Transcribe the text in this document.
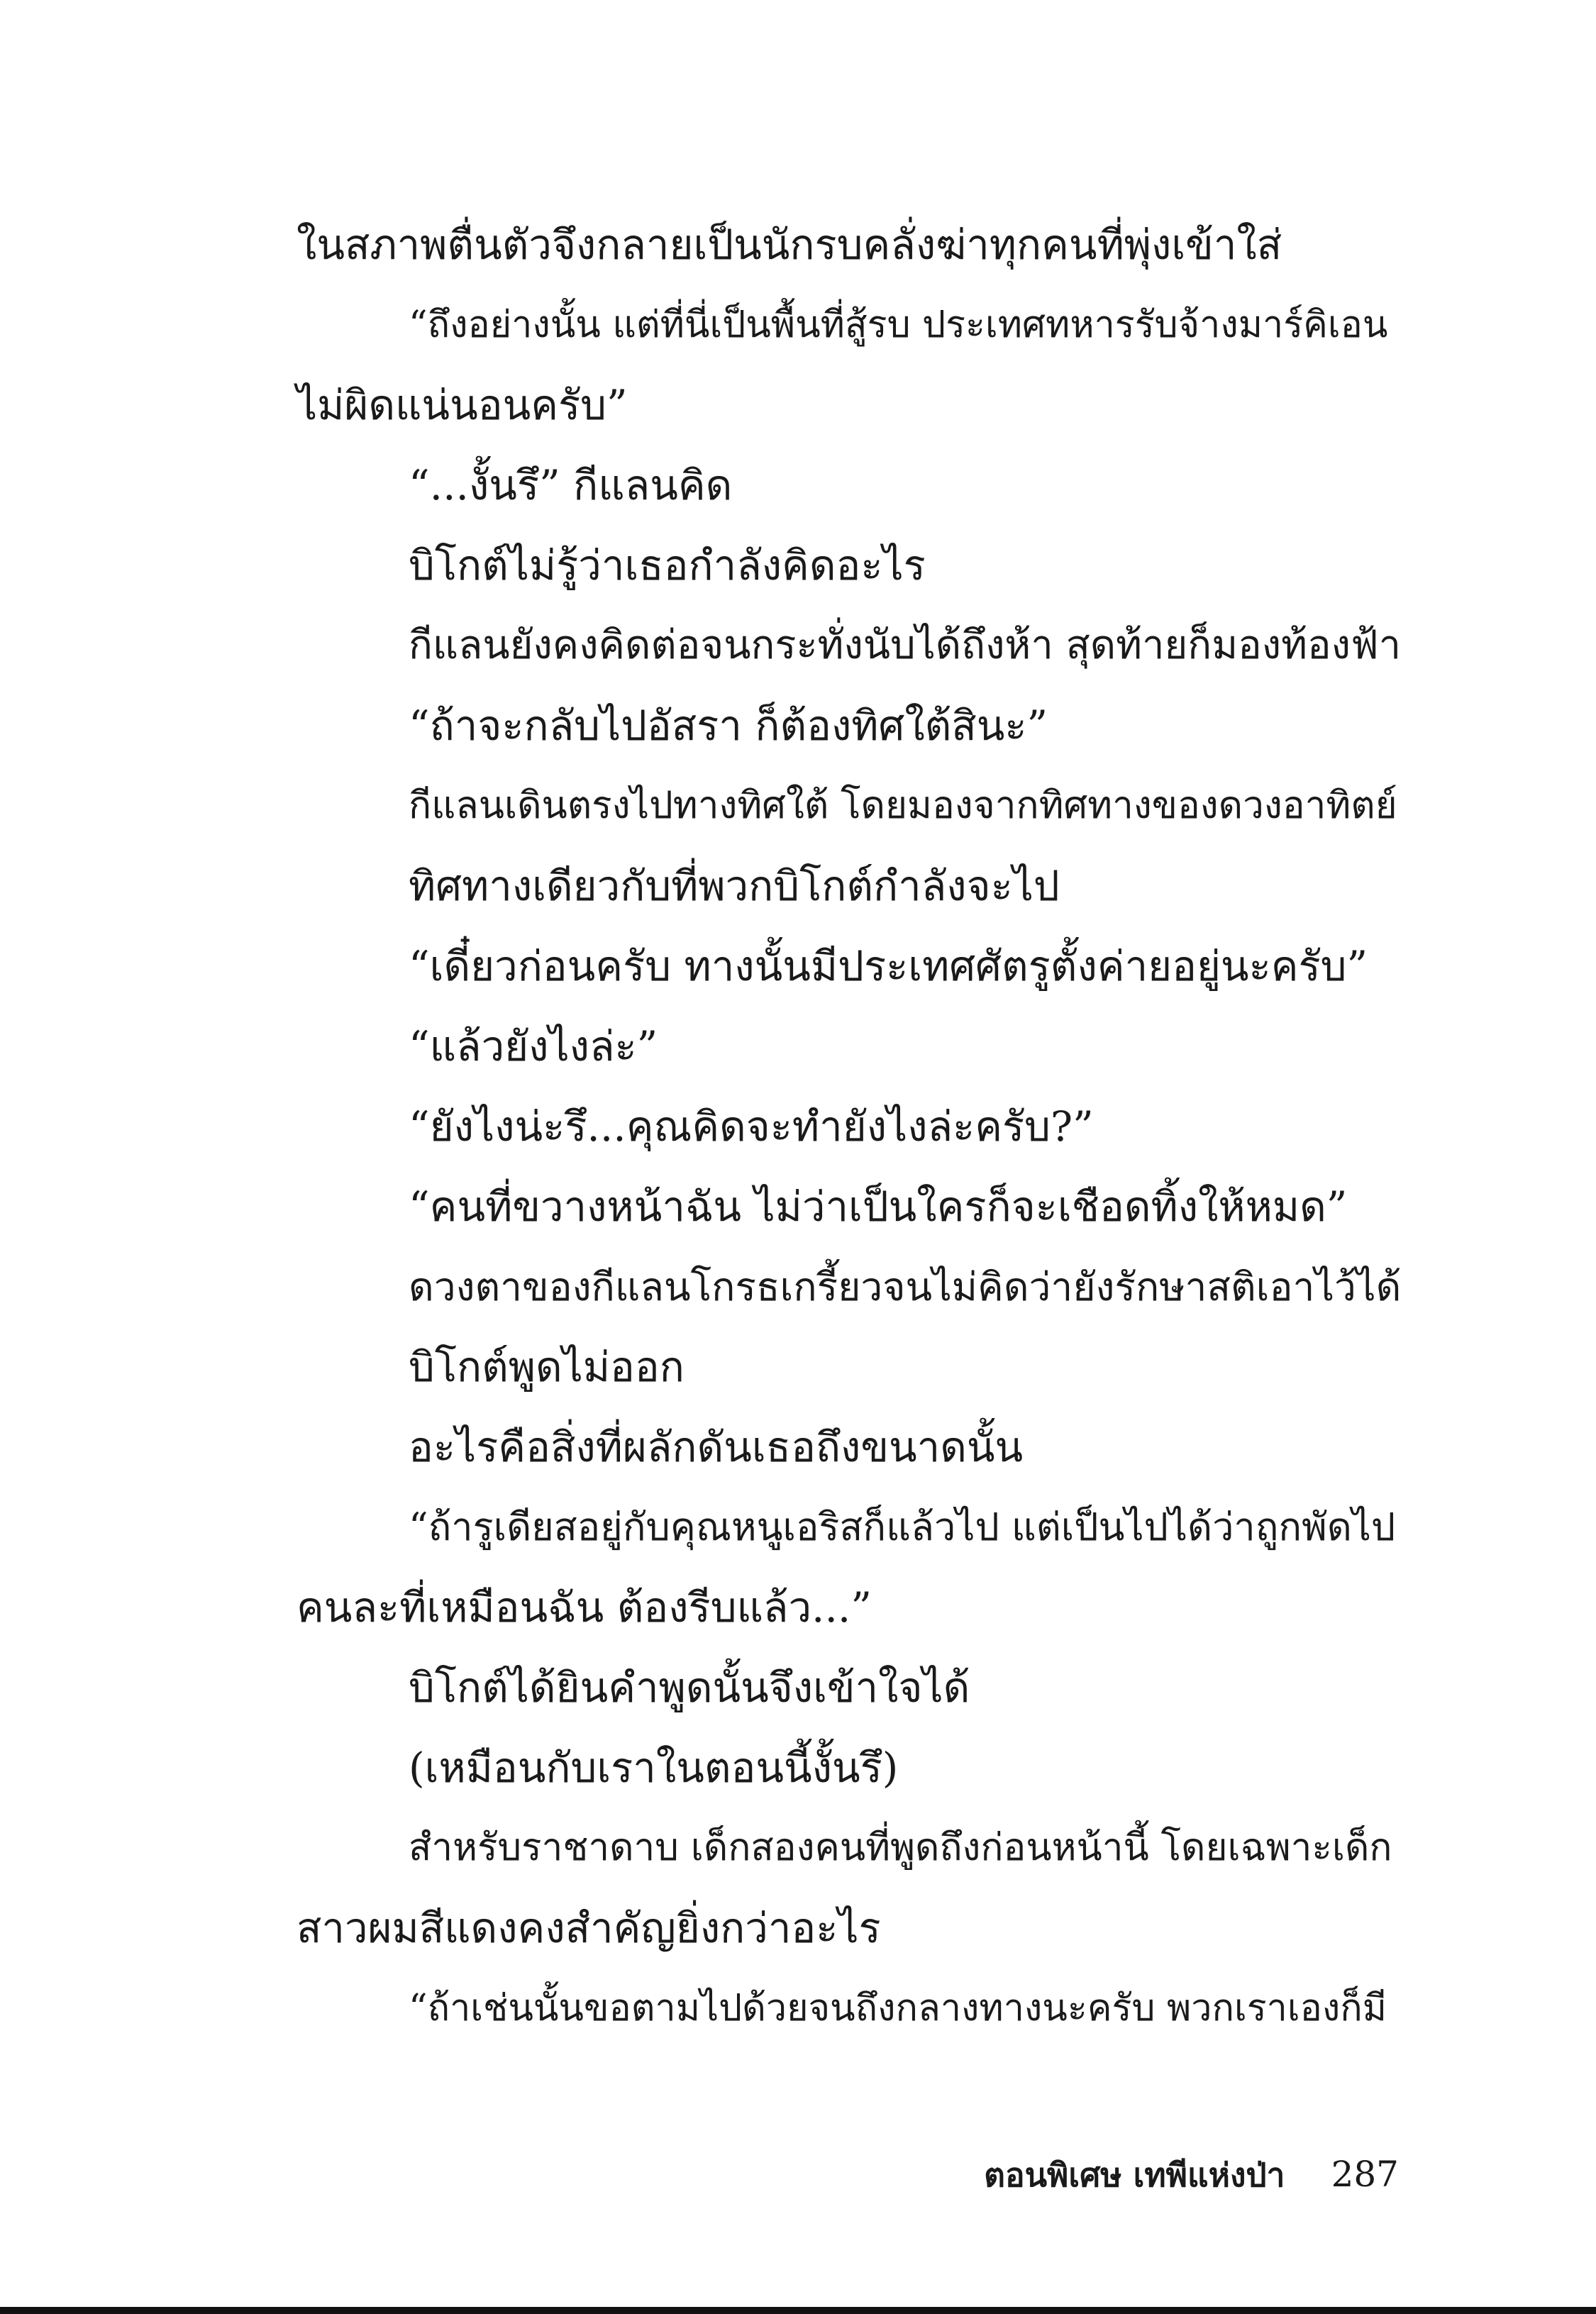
ในสภาพตื่นตัวจึงกลายเป็นนักรบคลั่งฆ่าทุกคนที่พุ่งเข้าใส่
“ถึงอย่างนั้น แต่ที่นี่เป็นพื้นที่สู้รบ ประเทศทหารรับจ้างมาร์คิเอน
ไม่ผิดแน่นอนครับ”
“...งั้นรึ” กีแลนคิด
บิโกต์ไม่รู้ว่าเธอกำลังคิดอะไร
กีแลนยังคงคิดต่อจนกระทั่งนับได้ถึงห้า สุดท้ายก็มองท้องฟ้า
“ถ้าจะกลับไปอัสรา ก็ต้องทิศใต้สินะ”
กีแลนเดินตรงไปทางทิศใต้ โดยมองจากทิศทางของดวงอาทิตย์
ทิศทางเดียวกับที่พวกบิโกต์กำลังจะไป
“เดี๋ยวก่อนครับ ทางนั้นมีประเทศศัตรูตั้งค่ายอยู่นะครับ”
“แล้วยังไงล่ะ”
“ยังไงน่ะรึ...คุณคิดจะทำยังไงล่ะครับ?”
“คนที่ขวางหน้าฉัน ไม่ว่าเป็นใครก็จะเชือดทิ้งให้หมด”
ดวงตาของกีแลนโกรธเกรี้ยวจนไม่คิดว่ายังรักษาสติเอาไว้ได้
บิโกต์พูดไม่ออก
อะไรคือสิ่งที่ผลักดันเธอถึงขนาดนั้น
“ถ้ารูเดียสอยู่กับคุณหนูเอริสก็แล้วไป แต่เป็นไปได้ว่าถูกพัดไป
คนละที่เหมือนฉัน ต้องรีบแล้ว...”
บิโกต์ได้ยินคำพูดนั้นจึงเข้าใจได้
(เหมือนกับเราในตอนนี้งั้นรึ)
สำหรับราชาดาบ เด็กสองคนที่พูดถึงก่อนหน้านี้ โดยเฉพาะเด็ก
สาวผมสีแดงคงสำคัญยิ่งกว่าอะไร
“ถ้าเช่นนั้นขอตามไปด้วยจนถึงกลางทางนะครับ พวกเราเองก็มี
ตอนพิเศษ เทพีแห่งป่า 287
